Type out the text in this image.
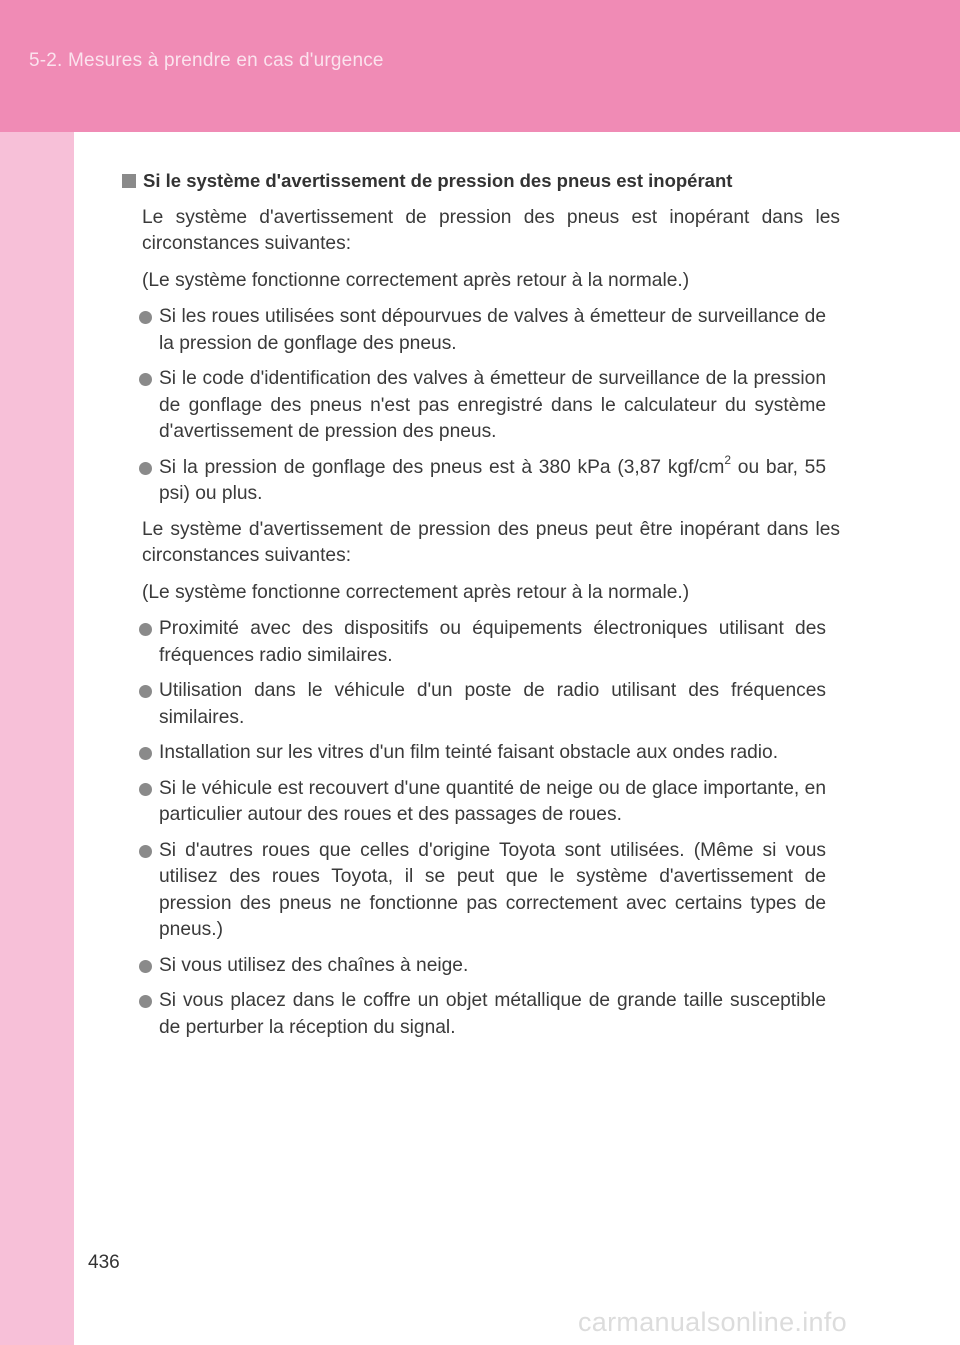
5-2. Mesures à prendre en cas d'urgence
Si le système d'avertissement de pression des pneus est inopérant

Le système d'avertissement de pression des pneus est inopérant dans les circonstances suivantes:

(Le système fonctionne correctement après retour à la normale.)

Si les roues utilisées sont dépourvues de valves à émetteur de surveillance de la pression de gonflage des pneus.
Si le code d'identification des valves à émetteur de surveillance de la pression de gonflage des pneus n'est pas enregistré dans le calculateur du système d'avertissement de pression des pneus.
Si la pression de gonflage des pneus est à 380 kPa (3,87 kgf/$cm^2$ ou bar, 55 psi) ou plus.

Le système d'avertissement de pression des pneus peut être inopérant dans les circonstances suivantes:

(Le système fonctionne correctement après retour à la normale.)

Proximité avec des dispositifs ou équipements électroniques utilisant des fréquences radio similaires.
Utilisation dans le véhicule d'un poste de radio utilisant des fréquences similaires.
Installation sur les vitres d'un film teinté faisant obstacle aux ondes radio.
Si le véhicule est recouvert d'une quantité de neige ou de glace importante, en particulier autour des roues et des passages de roues.
Si d'autres roues que celles d'origine Toyota sont utilisées. (Même si vous utilisez des roues Toyota, il se peut que le système d'avertissement de pression des pneus ne fonctionne pas correctement avec certains types de pneus.)
Si vous utilisez des chaînes à neige.
Si vous placez dans le coffre un objet métallique de grande taille susceptible de perturber la réception du signal.
436
carmanualsonline.info
